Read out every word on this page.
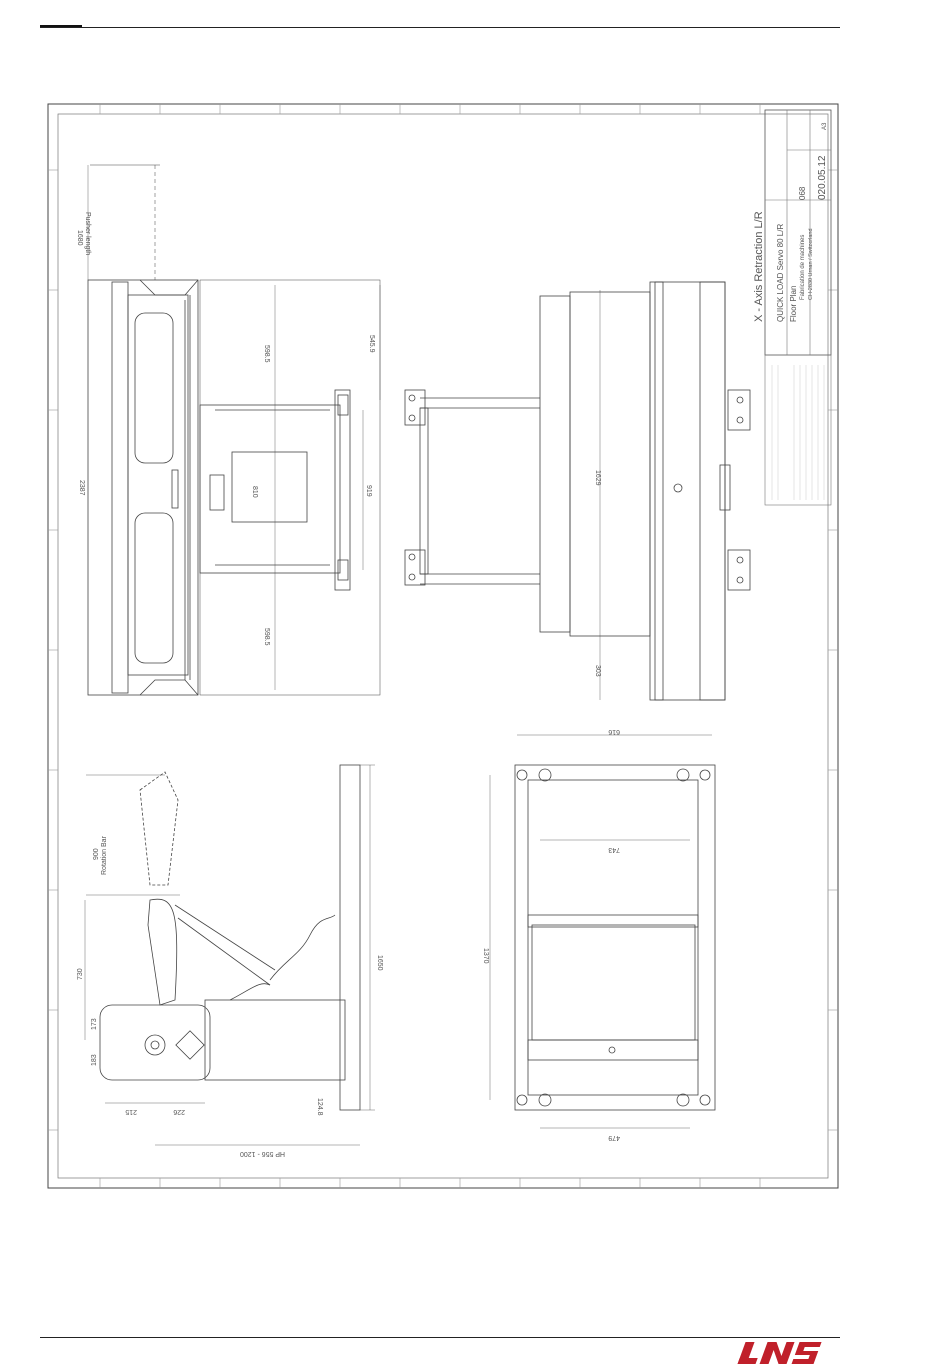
X - Axis Retraction L/R QUICK LOAD Servo 80 L/R Floor Plan
Fabrication de machines CH-2830 Urnan / Switzerland
020.05.12
068
A3
1680 Pusher length
2387
598.5
598.5
810
545.9
919
1629
303
900 Rotation Bar
730
173
183
1650
124.8
215	226
HP 556 - 1200
616
743
1370
479
